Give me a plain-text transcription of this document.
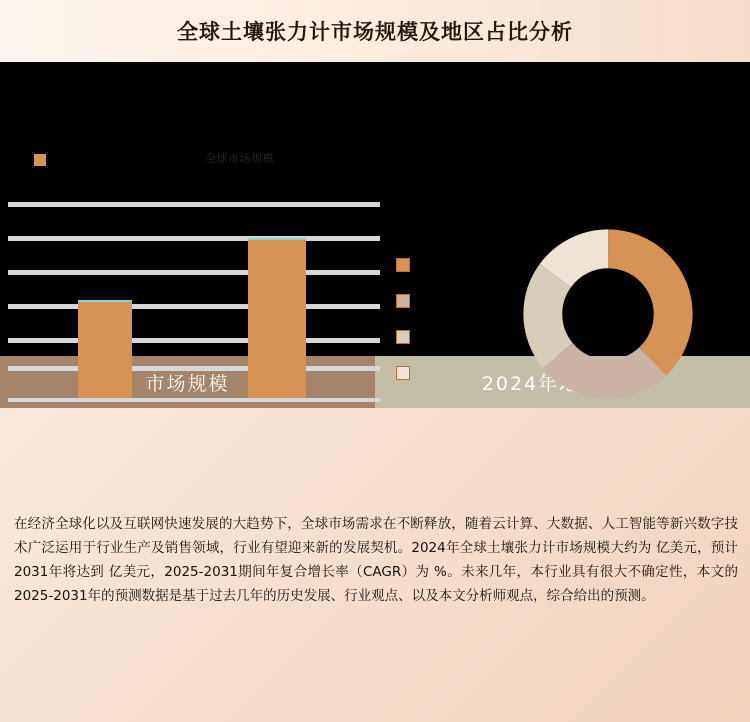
全球土壤张力计市场规模及地区占比分析
全球市场规模
市场规模	2024年地区占比
在经济全球化以及互联网快速发展的大趋势下，全球市场需求在不断释放，随着云计算、大数据、人工智能等新兴数字技术广泛运用于行业生产及销售领域，行业有望迎来新的发展契机。2024年全球土壤张力计市场规模大约为 亿美元，预计2031年将达到 亿美元，2025-2031期间年复合增长率（CAGR）为 %。未来几年，本行业具有很大不确定性，本文的2025-2031年的预测数据是基于过去几年的历史发展、行业观点、以及本文分析师观点，综合给出的预测。
